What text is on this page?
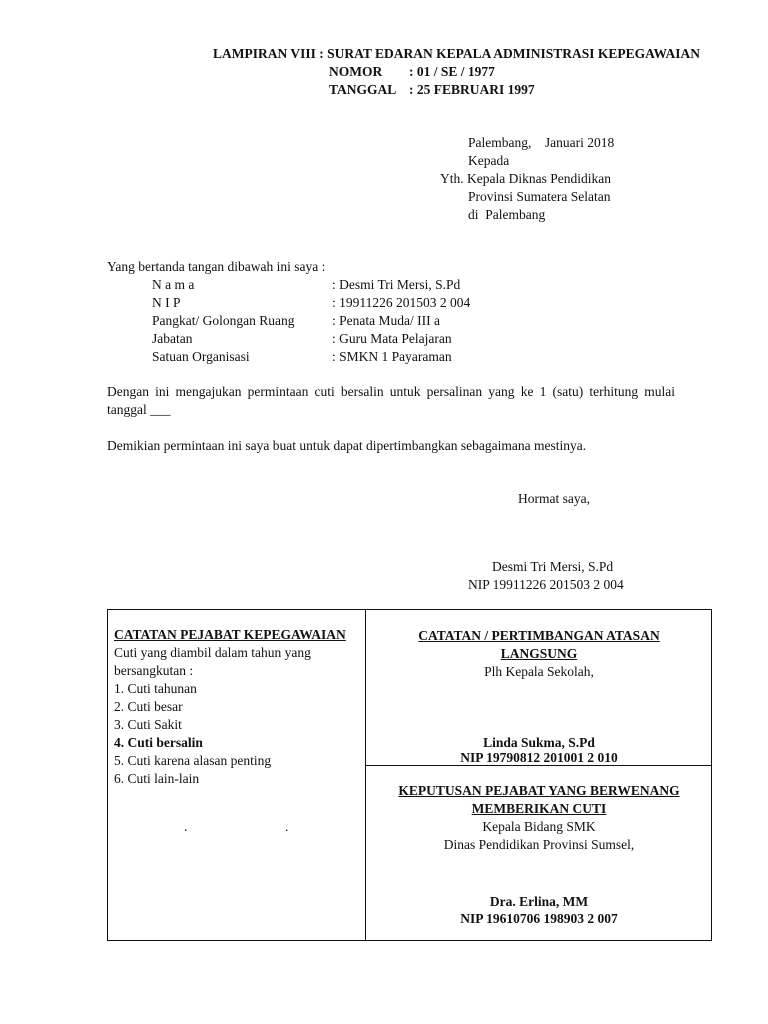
LAMPIRAN VIII : SURAT EDARAN KEPALA ADMINISTRASI KEPEGAWAIAN
NOMOR : 01 / SE / 1977
TANGGAL : 25 FEBRUARI 1997
Palembang,    Januari 2018
Kepada
Yth. Kepala Diknas Pendidikan
Provinsi Sumatera Selatan
di  Palembang
Yang bertanda tangan dibawah ini saya :
N a m a	: Desmi Tri Mersi, S.Pd
N I P	: 19911226 201503 2 004
Pangkat/ Golongan Ruang	: Penata Muda/ III a
Jabatan	: Guru Mata Pelajaran
Satuan Organisasi	: SMKN 1 Payaraman
Dengan ini mengajukan permintaan cuti bersalin untuk persalinan yang ke 1 (satu) terhitung mulai tanggal ___
Demikian permintaan ini saya buat untuk dapat dipertimbangkan sebagaimana mestinya.
Hormat saya,
Desmi Tri Mersi, S.Pd
NIP 19911226 201503 2 004
CATATAN PEJABAT KEPEGAWAIAN
Cuti yang diambil dalam tahun yang
bersangkutan :
1. Cuti tahunan
2. Cuti besar
3. Cuti Sakit
4. Cuti bersalin
5. Cuti karena alasan penting
6. Cuti lain-lain
.	.
CATATAN / PERTIMBANGAN ATASAN
LANGSUNG
Plh Kepala Sekolah,
Linda Sukma, S.Pd
NIP 19790812 201001 2 010
KEPUTUSAN PEJABAT YANG BERWENANG
MEMBERIKAN CUTI
Kepala Bidang SMK
Dinas Pendidikan Provinsi Sumsel,
Dra. Erlina, MM
NIP 19610706 198903 2 007
